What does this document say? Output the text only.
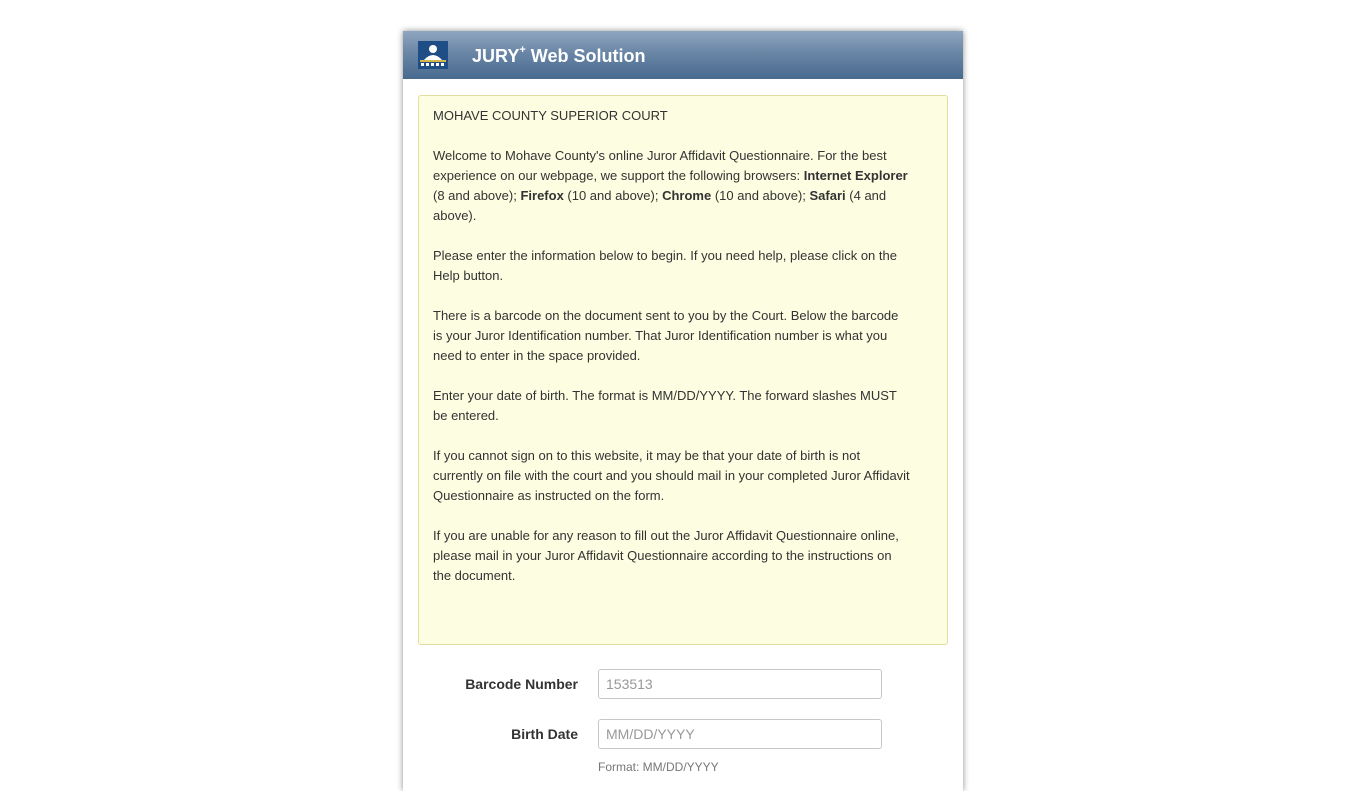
JURY+ Web Solution

MOHAVE COUNTY SUPERIOR COURT

Welcome to Mohave County's online Juror Affidavit Questionnaire. For the best experience on our webpage, we support the following browsers: Internet Explorer (8 and above); Firefox (10 and above); Chrome (10 and above); Safari (4 and above).

Please enter the information below to begin. If you need help, please click on the Help button.

There is a barcode on the document sent to you by the Court. Below the barcode is your Juror Identification number. That Juror Identification number is what you need to enter in the space provided.

Enter your date of birth. The format is MM/DD/YYYY. The forward slashes MUST be entered.

If you cannot sign on to this website, it may be that your date of birth is not currently on file with the court and you should mail in your completed Juror Affidavit Questionnaire as instructed on the form.

If you are unable for any reason to fill out the Juror Affidavit Questionnaire online, please mail in your Juror Affidavit Questionnaire according to the instructions on the document.

Barcode Number
153513
Birth Date
MM/DD/YYYY
Format: MM/DD/YYYY
